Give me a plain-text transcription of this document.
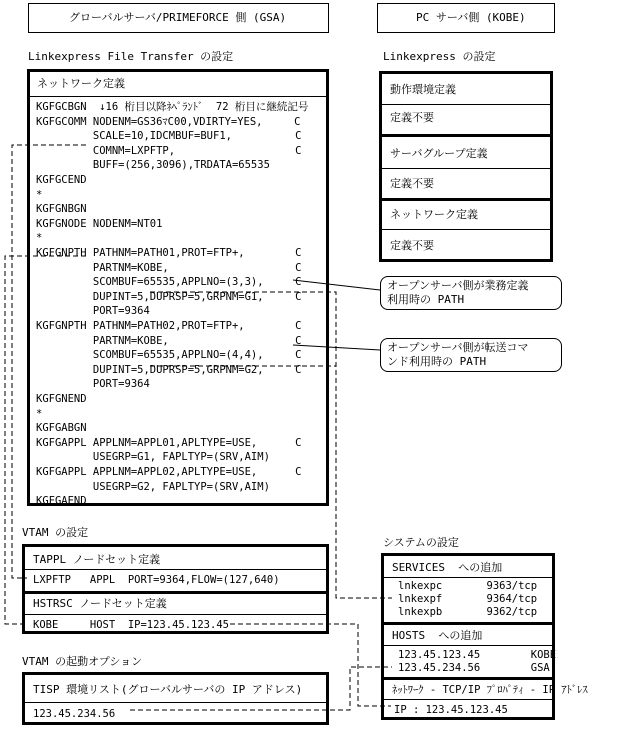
グローバルサーバ/PRIMEFORCE 側 (GSA)	PC サーバ側 (KOBE)
Linkexpress File Transfer の設定	Linkexpress の設定
ネットワーク定義
KGFGCBGN  ↓16 桁目以降ﾈﾍﾟﾗﾝﾄﾞ  72 桁目に継続記号
KGFGCOMM NODENM=GS36ﾏC00,VDIRTY=YES,     C
SCALE=10,IDCMBUF=BUF1,          C
COMNM=LXPFTP,                   C
BUFF=(256,3096),TRDATA=65535
KGFGCEND
*
KGFGNBGN
KGFGNODE NODENM=NT01
*
KGFGNPTH PATHNM=PATH01,PROT=FTP+,        C
PARTNM=KOBE,                    C
SCOMBUF=65535,APPLNO=(3,3),     C
DUPINT=5,DUPRSP=5,GRPNM=G1,     C
PORT=9364
KGFGNPTH PATHNM=PATH02,PROT=FTP+,        C
PARTNM=KOBE,                    C
SCOMBUF=65535,APPLNO=(4,4),     C
DUPINT=5,DUPRSP=5,GRPNM=G2,     C
PORT=9364
KGFGNEND
*
KGFGABGN
KGFGAPPL APPLNM=APPL01,APLTYPE=USE,      C
USEGRP=G1, FAPLTYP=(SRV,AIM)
KGFGAPPL APPLNM=APPL02,APLTYPE=USE,      C
USEGRP=G2, FAPLTYP=(SRV,AIM)
KGFGAEND
動作環境定義
定義不要
サーバグループ定義
定義不要
ネットワーク定義
定義不要
オープンサーバ側が業務定義
利用時の PATH
オープンサーバ側が転送コマ
ンド利用時の PATH
VTAM の設定
TAPPL ノードセット定義
LXPFTP   APPL  PORT=9364,FLOW=(127,640)
HSTRSC ノードセット定義
KOBE     HOST  IP=123.45.123.45
VTAM の起動オプション
TISP 環境リスト(グローバルサーバの IP アドレス)
123.45.234.56
システムの設定
SERVICES  への追加
lnkexpc       9363/tcp
lnkexpf       9364/tcp
lnkexpb       9362/tcp
HOSTS  への追加
123.45.123.45        KOBE
123.45.234.56        GSA
ﾈｯﾄﾜｰｸ - TCP/IP ﾌﾟﾛﾊﾟﾃｨ - IP ｱﾄﾞﾚｽ
IP : 123.45.123.45
